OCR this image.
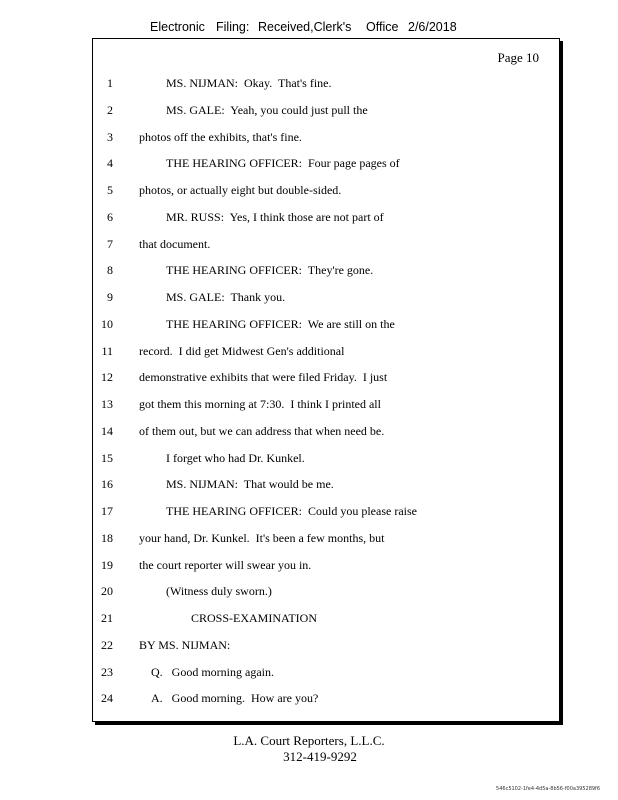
Electronic Filing: Received,Clerk's Office 2/6/2018
Page 10
1	MS. NIJMAN:  Okay.  That's fine.
2	MS. GALE:  Yeah, you could just pull the
3 photos off the exhibits, that's fine.
4	THE HEARING OFFICER:  Four page pages of
5 photos, or actually eight but double-sided.
6	MR. RUSS:  Yes, I think those are not part of
7 that document.
8	THE HEARING OFFICER:  They're gone.
9	MS. GALE:  Thank you.
10	THE HEARING OFFICER:  We are still on the
11 record.  I did get Midwest Gen's additional
12 demonstrative exhibits that were filed Friday.  I just
13 got them this morning at 7:30.  I think I printed all
14 of them out, but we can address that when need be.
15	I forget who had Dr. Kunkel.
16	MS. NIJMAN:  That would be me.
17	THE HEARING OFFICER:  Could you please raise
18 your hand, Dr. Kunkel.  It's been a few months, but
19 the court reporter will swear you in.
20	(Witness duly sworn.)
21	CROSS-EXAMINATION
22 BY MS. NIJMAN:
23	Q.   Good morning again.
24	A.   Good morning.  How are you?
L.A. Court Reporters, L.L.C.
312-419-9292
546c5102-1fe4-4d5a-8b56-f00a395289f6
